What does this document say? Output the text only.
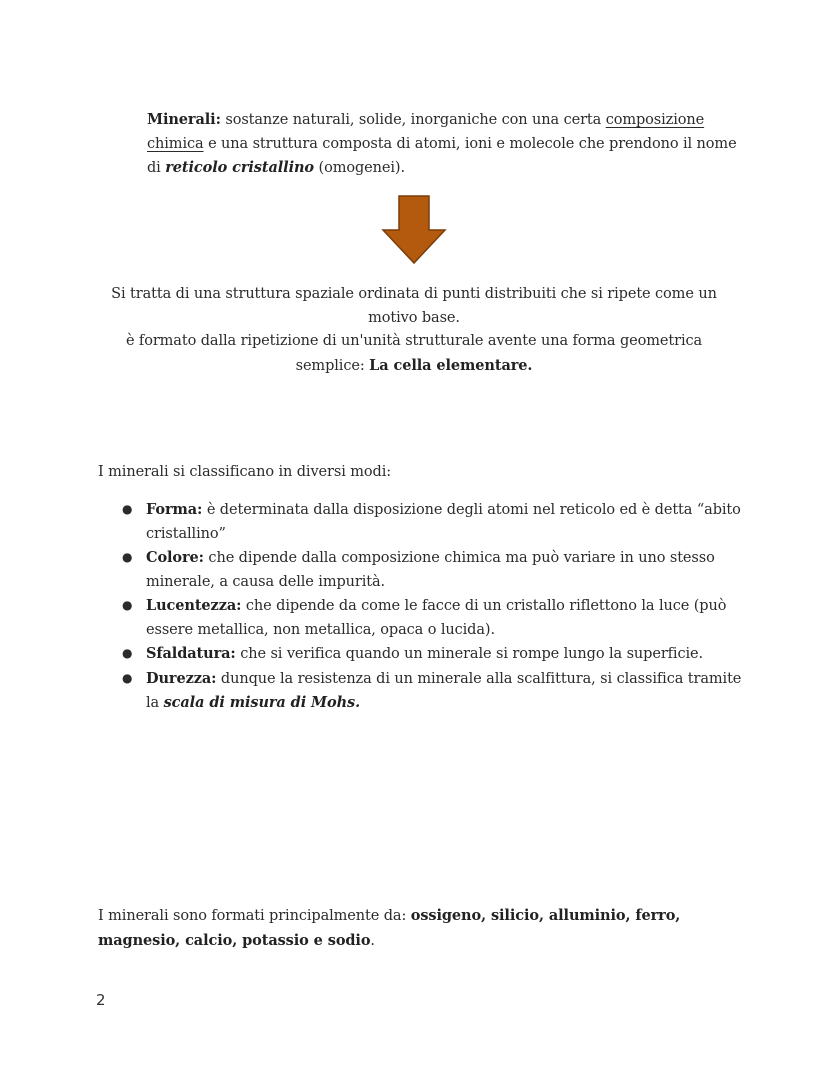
Minerali: sostanze naturali, solide, inorganiche con una certa composizione chimica e una struttura composta di atomi, ioni e molecole che prendono il nome di reticolo cristallino (omogenei).

Si tratta di una struttura spaziale ordinata di punti distribuiti che si ripete come un motivo base.
è formato dalla ripetizione di un'unità strutturale avente una forma geometrica semplice: La cella elementare.
I minerali si classificano in diversi modi:
● Forma: è determinata dalla disposizione degli atomi nel reticolo ed è detta “abito cristallino”
● Colore: che dipende dalla composizione chimica ma può variare in uno stesso minerale, a causa delle impurità.
● Lucentezza: che dipende da come le facce di un cristallo riflettono la luce (può essere metallica, non metallica, opaca o lucida).
● Sfaldatura: che si verifica quando un minerale si rompe lungo la superficie.
● Durezza: dunque la resistenza di un minerale alla scalfittura, si classifica tramite la scala di misura di Mohs.

I minerali sono formati principalmente da: ossigeno, silicio, alluminio, ferro, magnesio, calcio, potassio e sodio.

2
